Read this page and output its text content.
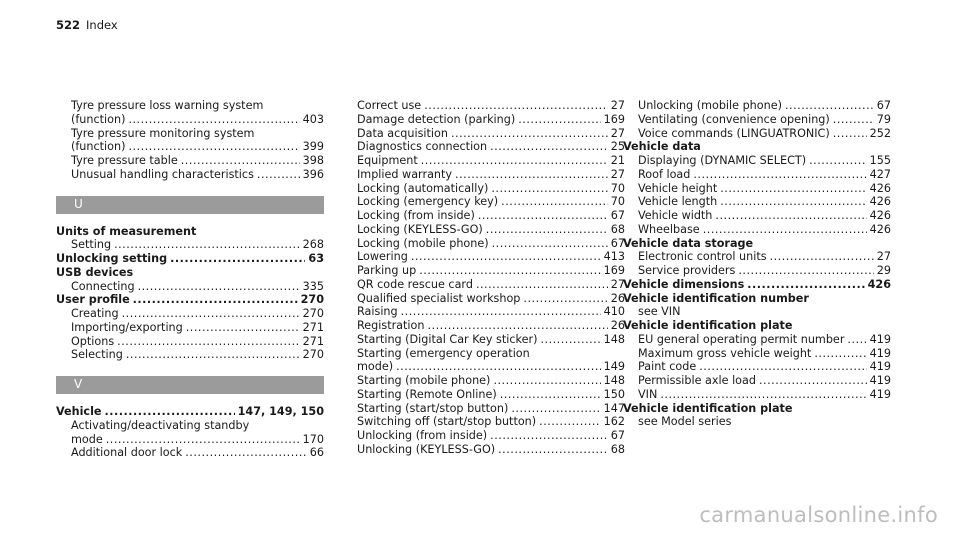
522 Index
Tyre pressure loss warning system
(function) .....	403
Tyre pressure monitoring system
(function) .....	399
Tyre pressure table .....	398
Unusual handling characteristics .....	396
U
Units of measurement
Setting .....	268
Unlocking setting .....	63
USB devices
Connecting .....	335
User profile .....	270
Creating .....	270
Importing/exporting .....	271
Options .....	271
Selecting .....	270
V
Vehicle .....	147, 149, 150
Activating/deactivating standby
mode .....	170
Additional door lock .....	66
Correct use .....	27
Damage detection (parking) .....	169
Data acquisition .....	27
Diagnostics connection .....	25
Equipment .....	21
Implied warranty .....	27
Locking (automatically) .....	70
Locking (emergency key) .....	70
Locking (from inside) .....	67
Locking (KEYLESS-GO) .....	68
Locking (mobile phone) .....	67
Lowering .....	413
Parking up .....	169
QR code rescue card .....	27
Qualified specialist workshop .....	26
Raising .....	410
Registration .....	26
Starting (Digital Car Key sticker) .....	148
Starting (emergency operation
mode) .....	149
Starting (mobile phone) .....	148
Starting (Remote Online) .....	150
Starting (start/stop button) .....	147
Switching off (start/stop button) .....	162
Unlocking (from inside) .....	67
Unlocking (KEYLESS-GO) .....	68
Unlocking (mobile phone) .....	67
Ventilating (convenience opening) .....	79
Voice commands (LINGUATRONIC) .....	252
Vehicle data
Displaying (DYNAMIC SELECT) .....	155
Roof load .....	427
Vehicle height .....	426
Vehicle length .....	426
Vehicle width .....	426
Wheelbase .....	426
Vehicle data storage
Electronic control units .....	27
Service providers .....	29
Vehicle dimensions .....	426
Vehicle identification number
see VIN
Vehicle identification plate
EU general operating permit number ..... 419
Maximum gross vehicle weight .....	419
Paint code .....	419
Permissible axle load .....	419
VIN .....	419
Vehicle identification plate
see Model series
carmanualsonline.info
